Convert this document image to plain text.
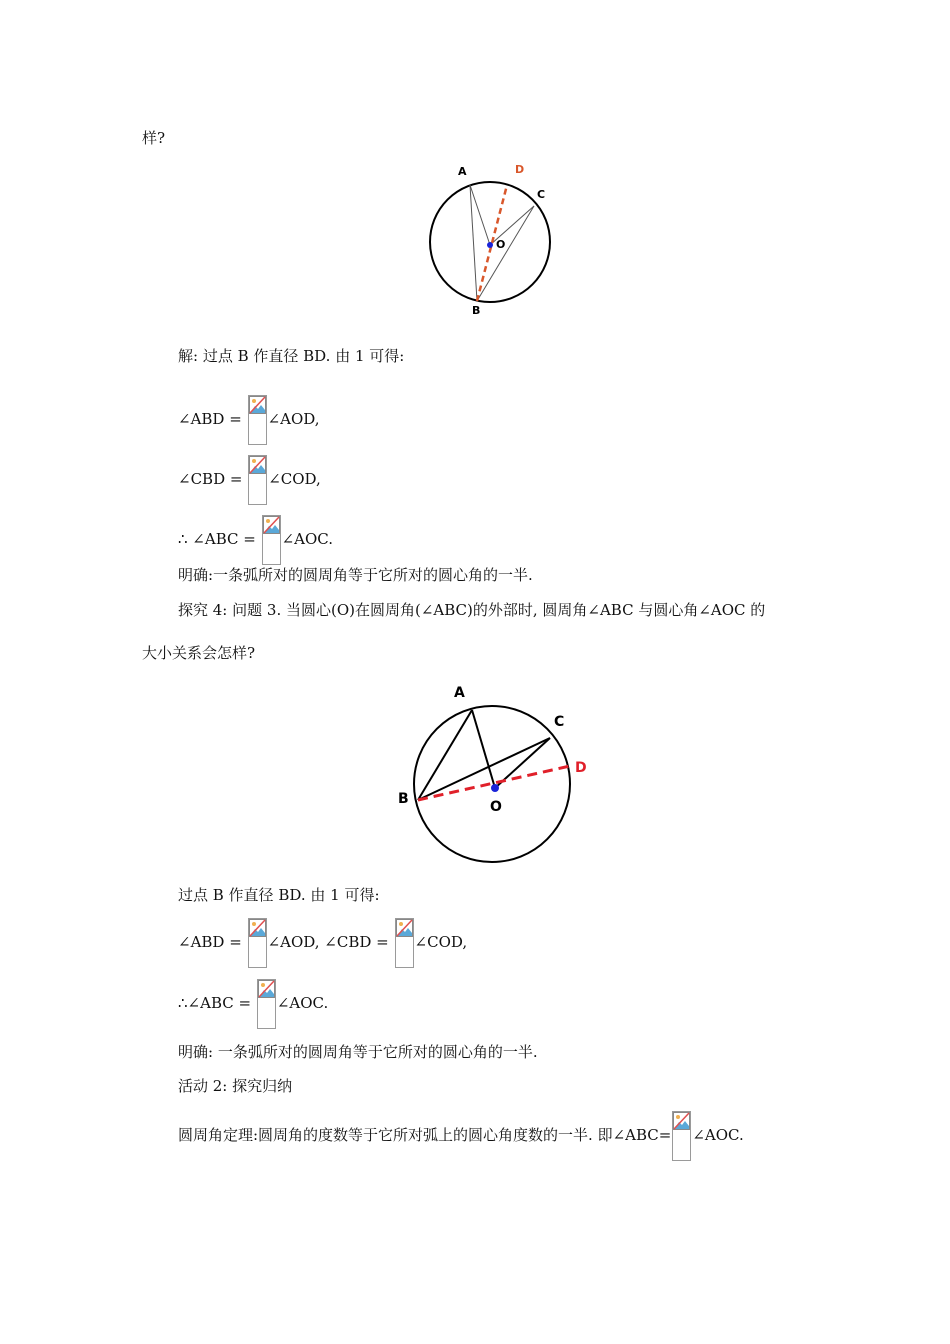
样?
A	D
C
O
B
解: 过点 B 作直径 BD. 由 1 可得:
∠ABD = ∠AOD,
∠CBD = ∠COD,
∴ ∠ABC = ∠AOC.
明确:一条弧所对的圆周角等于它所对的圆心角的一半.
探究 4: 问题 3. 当圆心(O)在圆周角(∠ABC)的外部时, 圆周角∠ABC 与圆心角∠AOC 的
大小关系会怎样?
A
C
D
B	O
过点 B 作直径 BD. 由 1 可得:
∠ABD = ∠AOD, ∠CBD = ∠COD,
∴∠ABC = ∠AOC.
明确: 一条弧所对的圆周角等于它所对的圆心角的一半.
活动 2: 探究归纳
圆周角定理:圆周角的度数等于它所对弧上的圆心角度数的一半. 即∠ABC= ∠AOC.
